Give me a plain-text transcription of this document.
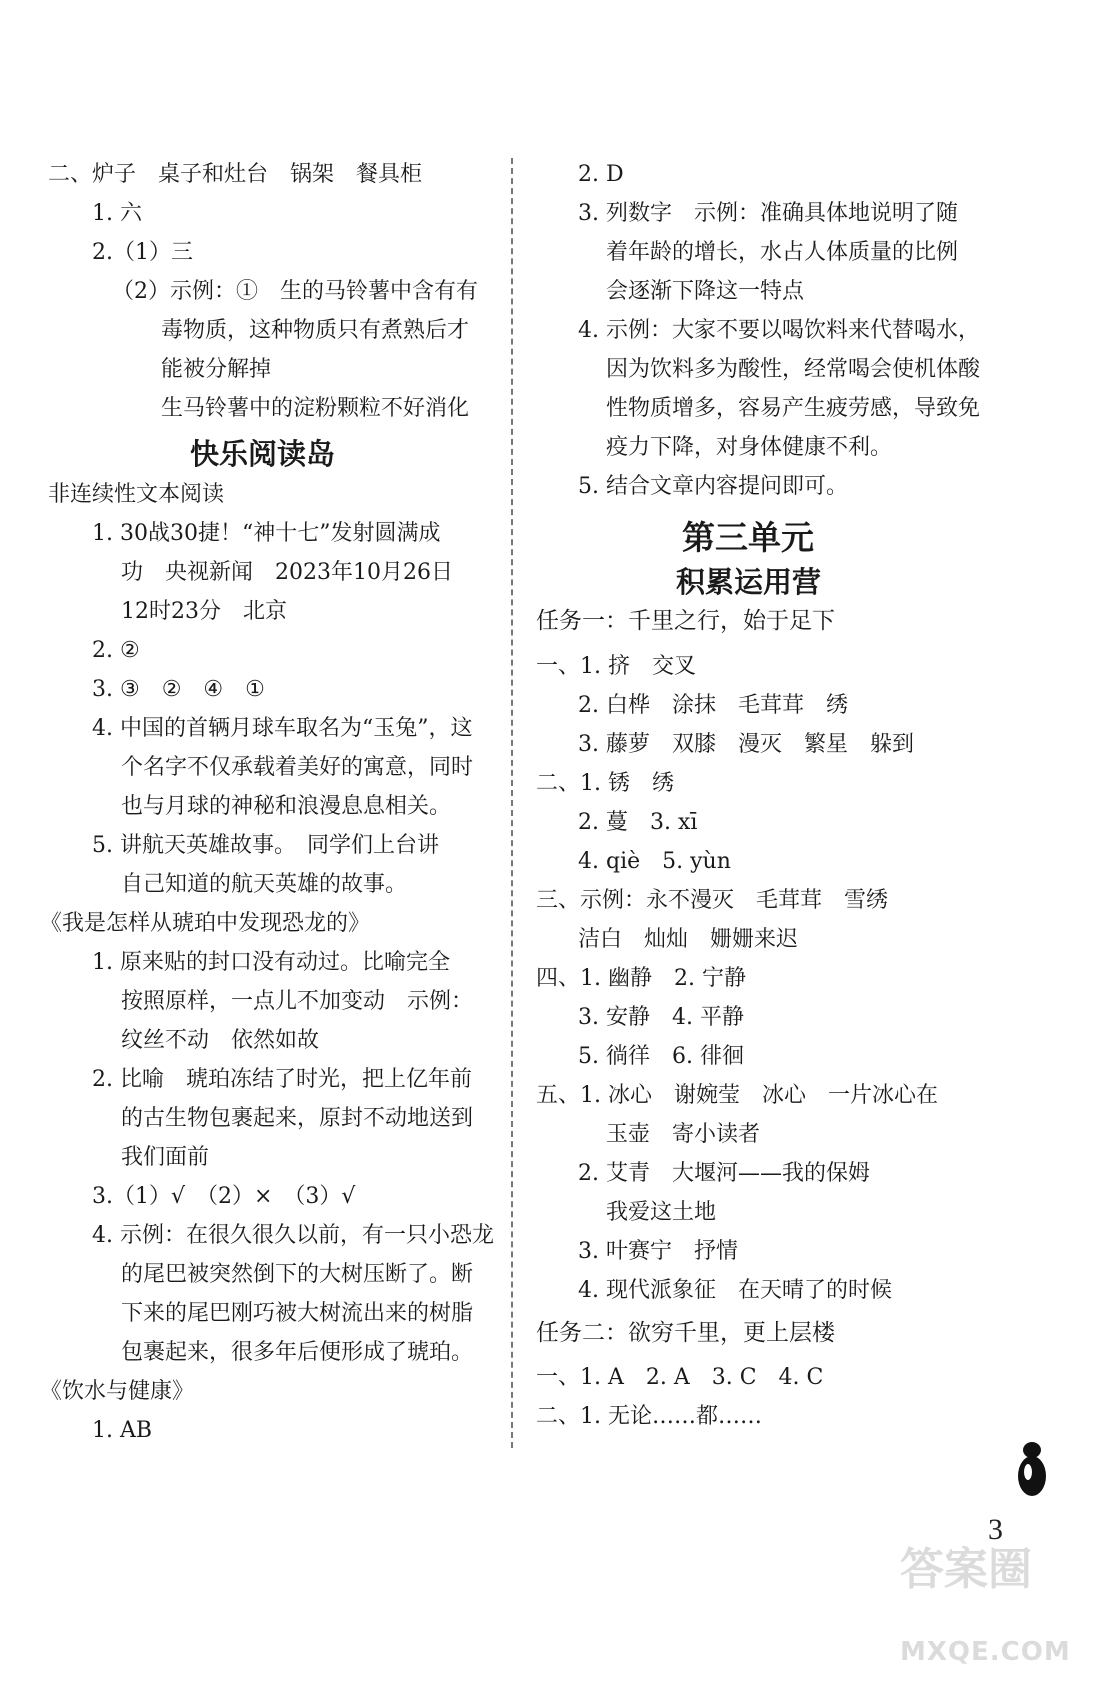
二、炉子　桌子和灶台　锅架　餐具柜
1. 六
2.（1）三
（2）示例：①　生的马铃薯中含有有
毒物质，这种物质只有煮熟后才
能被分解掉
生马铃薯中的淀粉颗粒不好消化
快乐阅读岛
非连续性文本阅读
1. 30战30捷！“神十七”发射圆满成
功　央视新闻　2023年10月26日
12时23分　北京
2. ②
3. ③　②　④　①
4. 中国的首辆月球车取名为“玉兔”，这
个名字不仅承载着美好的寓意，同时
也与月球的神秘和浪漫息息相关。
5. 讲航天英雄故事。　同学们上台讲
自己知道的航天英雄的故事。
《我是怎样从琥珀中发现恐龙的》
1. 原来贴的封口没有动过。比喻完全
按照原样，一点儿不加变动　示例：
纹丝不动　依然如故
2. 比喻　琥珀冻结了时光，把上亿年前
的古生物包裹起来，原封不动地送到
我们面前
3.（1）√　（2）×　（3）√
4. 示例：在很久很久以前，有一只小恐龙
的尾巴被突然倒下的大树压断了。断
下来的尾巴刚巧被大树流出来的树脂
包裹起来，很多年后便形成了琥珀。
《饮水与健康》
1. AB
2. D
3. 列数字　示例：准确具体地说明了随
着年龄的增长，水占人体质量的比例
会逐渐下降这一特点
4. 示例：大家不要以喝饮料来代替喝水，
因为饮料多为酸性，经常喝会使机体酸
性物质增多，容易产生疲劳感，导致免
疫力下降，对身体健康不利。
5. 结合文章内容提问即可。
第三单元
积累运用营
任务一：千里之行，始于足下
一、1. 挤　交叉
2. 白桦　涂抹　毛茸茸　绣
3. 藤萝　双膝　漫灭　繁星　躲到
二、1. 锈　绣
2. 蔓　3. xī
4. qiè　5. yùn
三、示例：永不漫灭　毛茸茸　雪绣
洁白　灿灿　姗姗来迟
四、1. 幽静　2. 宁静
3. 安静　4. 平静
5. 徜徉　6. 徘徊
五、1. 冰心　谢婉莹　冰心　一片冰心在
玉壶　寄小读者
2. 艾青　大堰河——我的保姆
我爱这土地
3. 叶赛宁　抒情
4. 现代派象征　在天晴了的时候
任务二：欲穷千里，更上层楼
一、1. A　2. A　3. C　4. C
二、1. 无论……都……

答案圈

MXQE.COM

3
